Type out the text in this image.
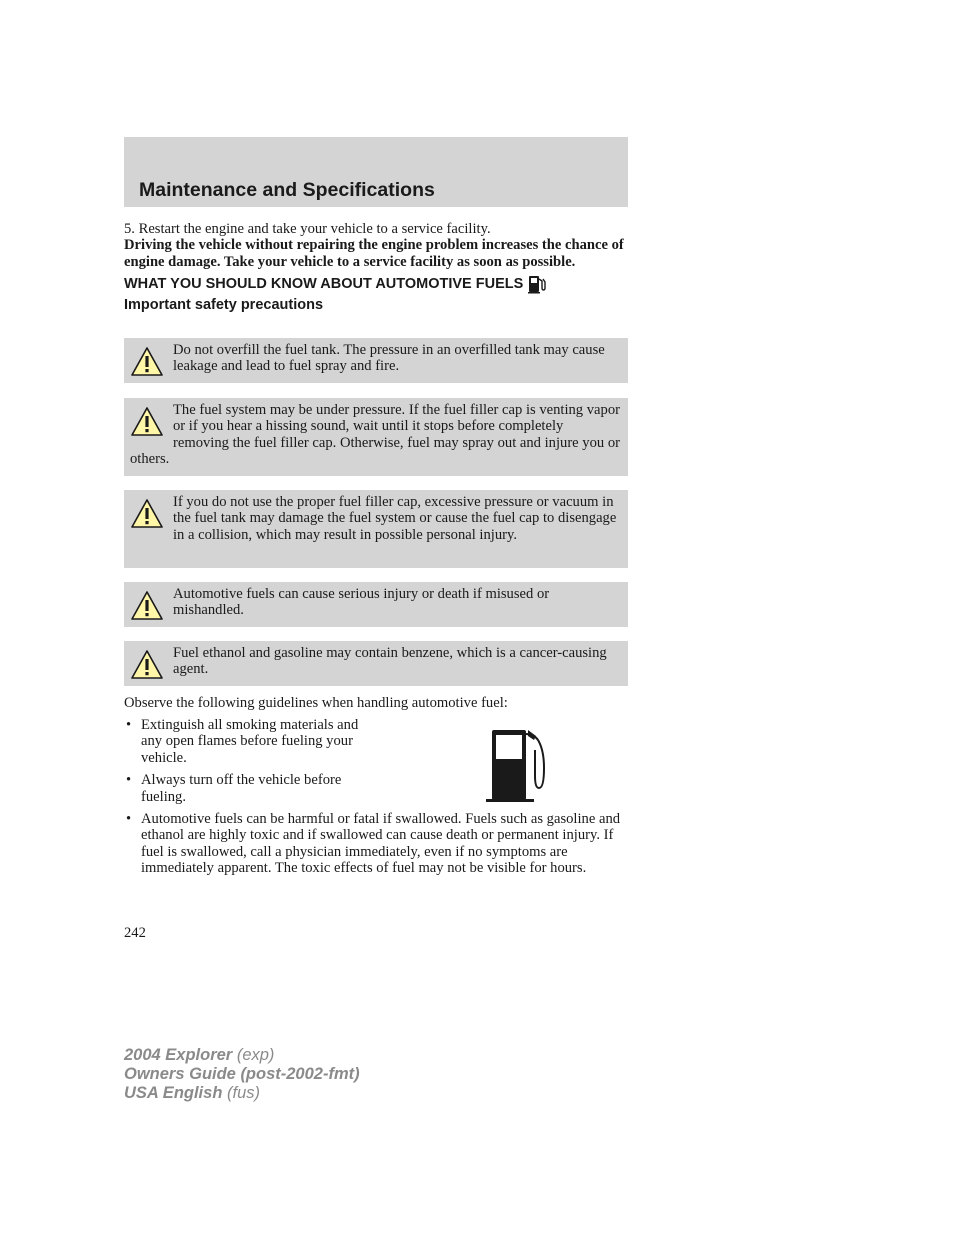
Maintenance and Specifications

5. Restart the engine and take your vehicle to a service facility.

Driving the vehicle without repairing the engine problem increases the chance of engine damage. Take your vehicle to a service facility as soon as possible.

WHAT YOU SHOULD KNOW ABOUT AUTOMOTIVE FUELS
Important safety precautions

Do not overfill the fuel tank. The pressure in an overfilled tank may cause leakage and lead to fuel spray and fire.

The fuel system may be under pressure. If the fuel filler cap is venting vapor or if you hear a hissing sound, wait until it stops before completely removing the fuel filler cap. Otherwise, fuel may spray out and injure you or others.

If you do not use the proper fuel filler cap, excessive pressure or vacuum in the fuel tank may damage the fuel system or cause the fuel cap to disengage in a collision, which may result in possible personal injury.

Automotive fuels can cause serious injury or death if misused or mishandled.

Fuel ethanol and gasoline may contain benzene, which is a cancer-causing agent.

Observe the following guidelines when handling automotive fuel:
• Extinguish all smoking materials and any open flames before fueling your vehicle.
• Always turn off the vehicle before fueling.
• Automotive fuels can be harmful or fatal if swallowed. Fuels such as gasoline and ethanol are highly toxic and if swallowed can cause death or permanent injury. If fuel is swallowed, call a physician immediately, even if no symptoms are immediately apparent. The toxic effects of fuel may not be visible for hours.
242
2004 Explorer (exp)
Owners Guide (post-2002-fmt)
USA English (fus)
